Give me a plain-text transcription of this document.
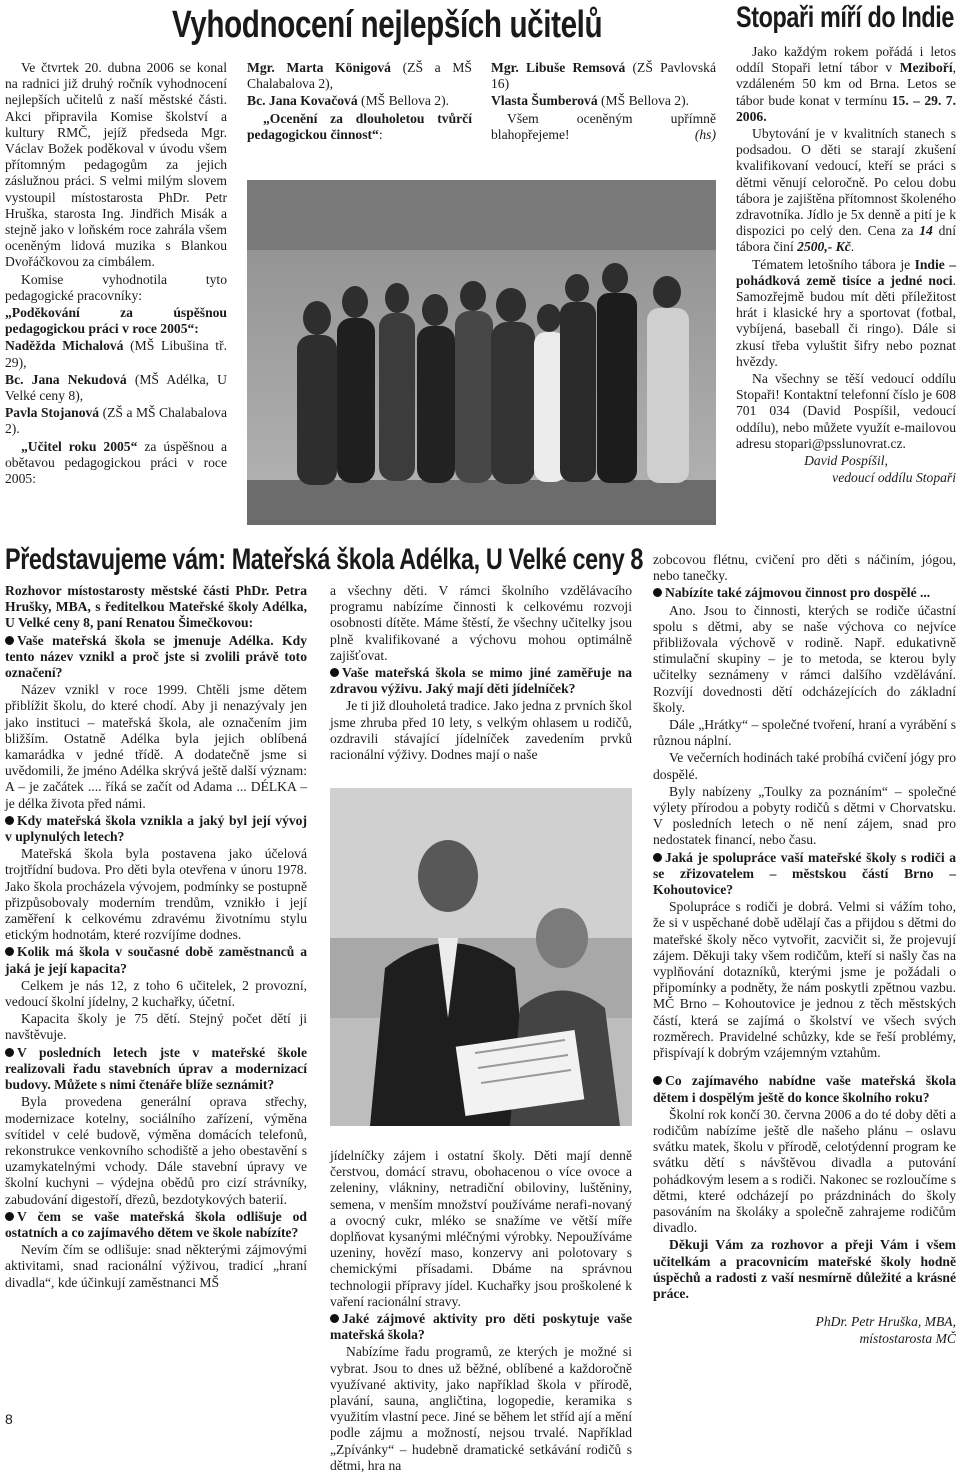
Vyhodnocení nejlepších učitelů

Ve čtvrtek 20. dubna 2006 se konal na radnici již druhý ročník vyhodnocení nejlepších učitelů z naší městské části. Akci připravila Komise školství a kultury RMČ, jejíž předseda Mgr. Václav Božek poděkoval v úvodu všem přítomným pedagogům za jejich záslužnou práci. S velmi milým slovem vystoupil místostarosta PhDr. Petr Hruška, starosta Ing. Jindřich Misák a stejně jako v loňském roce zahrála všem oceněným lidová muzika s Blankou Dvořáčkovou za cimbálem.

Komise vyhodnotila tyto pedagogické pracovníky:

„Poděkování za úspěšnou pedagogickou práci v roce 2005“:

Naděžda Michalová (MŠ Libušina tř. 29),

Bc. Jana Nekudová (MŠ Adélka, U Velké ceny 8),

Pavla Stojanová (ZŠ a MŠ Chalabalova 2).

„Učitel roku 2005“ za úspěšnou a obětavou pedagogickou práci v roce 2005:

Mgr. Marta Königová (ZŠ a MŠ Chalabalova 2),

Bc. Jana Kovačová (MŠ Bellova 2).

„Ocenění za dlouholetou tvůrčí pedagogickou činnost“:

Mgr. Libuše Remsová (ZŠ Pavlovská 16)

Vlasta Šumberová (MŠ Bellova 2).

Všem oceněným upřímně blahopřejeme!	(hs)

Stopaři míří do Indie

Jako každým rokem pořádá i letos oddíl Stopaři letní tábor v Meziboří, vzdáleném 50 km od Brna. Letos se tábor bude konat v termínu 15. – 29. 7. 2006.

Ubytování je v kvalitních stanech s podsadou. O děti se starají zkušení kvalifikovaní vedoucí, kteří se práci s dětmi věnují celoročně. Po celou dobu tábora je zajištěna přítomnost školeného zdravotníka. Jídlo je 5x denně a pití je k dispozici po celý den. Cena za 14 dní tábora činí 2500,- Kč.

Tématem letošního tábora je Indie – pohádková země tisíce a jedné noci. Samozřejmě budou mít děti příležitost hrát i klasické hry a sportovat (fotbal, vybíjená, baseball či ringo). Dále si zkusí třeba vyluštit šifry nebo poznat hvězdy.

Na všechny se těší vedoucí oddílu Stopaři! Kontaktní telefonní číslo je 608 701 034 (David Pospíšil, vedoucí oddílu), nebo můžete využít e-mailovou adresu stopari@psslunovrat.cz.

David Pospíšil,

vedoucí oddílu Stopaři

Představujeme vám: Mateřská škola Adélka, U Velké ceny 8

Rozhovor místostarosty městské části PhDr. Petra Hrušky, MBA, s ředitelkou Mateřské školy Adélka, U Velké ceny 8, paní Renatou Šimečkovou:

Vaše mateřská škola se jmenuje Adélka. Kdy tento název vznikl a proč jste si zvolili právě toto označení?

Název vznikl v roce 1999. Chtěli jsme dětem přiblížit školu, do které chodí. Aby ji nenazývaly jen jako instituci – mateřská škola, ale označením jim bližším. Ostatně Adélka byla jejich oblíbená kamarádka v jedné třídě. A dodatečně jsme si uvědomili, že jméno Adélka skrývá ještě další význam: A – je začátek .... říká se začít od Adama ... DÉLKA – je délka života před námi.

Kdy mateřská škola vznikla a jaký byl její vývoj v uplynulých letech?

Mateřská škola byla postavena jako účelová trojtřídní budova. Pro děti byla otevřena v únoru 1978. Jako škola procházela vývojem, podmínky se postupně přizpůsobovaly moderním trendům, vznikło i její zaměření k celkovému zdravému životnímu stylu etickým hodnotám, které rozvíjíme dodnes.

Kolik má škola v současné době zaměstnanců a jaká je její kapacita?

Celkem je nás 12, z toho 6 učitelek, 2 provozní, vedoucí školní jídelny, 2 kuchařky, účetní.

Kapacita školy je 75 dětí. Stejný počet dětí ji navštěvuje.

V posledních letech jste v mateřské škole realizovali řadu stavebních úprav a modernizací budovy. Můžete s nimi čtenáře blíže seznámit?

Byla provedena generální oprava střechy, modernizace kotelny, sociálního zařízení, výměna svítidel v celé budově, výměna domácích telefonů, rekonstrukce venkovního schodiště a jeho obestavění s uzamykatelnými vchody. Dále stavební úpravy ve školní kuchyni – výdejna obědů pro cizí strávníky, zabudování digestoří, dřezů, bezdotykových baterií.

V čem se vaše mateřská škola odlišuje od ostatních a co zajímavého dětem ve škole nabízíte?

Nevím čím se odlišuje: snad některými zájmovými aktivitami, snad racionální výživou, tradicí „hraní divadla“, kde účinkují zaměstnanci MŠ

a všechny děti. V rámci školního vzdělávacího programu nabízíme činnosti k celkovému rozvoji osobnosti dítěte. Máme štěstí, že všechny učitelky jsou plně kvalifikované a výchovu mohou optimálně zajišťovat.

Vaše mateřská škola se mimo jiné zaměřuje na zdravou výživu. Jaký mají děti jídelníček?

Je ti již dlouholetá tradice. Jako jedna z prvních škol jsme zhruba před 10 lety, s velkým ohlasem u rodičů, ozdravili stávající jídelníček zavedením prvků racionální výživy. Dodnes mají o naše

jídelníčky zájem i ostatní školy. Děti mají denně čerstvou, domácí stravu, obohacenou o více ovoce a zeleniny, vlákniny, netradiční obiloviny, luštěniny, semena, v menším množství používáme nerafi-novaný a ovocný cukr, mléko se snažíme ve větší míře doplňovat kysanými mléčnými výrobky. Nepoužíváme uzeniny, hovězí maso, konzervy ani polotovary s chemickými přísadami. Dbáme na správnou technologii přípravy jídel. Kuchařky jsou proškolené k vaření racionální stravy.

Jaké zájmové aktivity pro děti poskytuje vaše mateřská škola?

Nabízíme řadu programů, ze kterých je možné si vybrat. Jsou to dnes už běžné, oblíbené a každoročně využívané aktivity, jako například škola v přírodě, plavání, sauna, angličtina, logopedie, keramika s využitím vlastní pece. Jiné se během let stříd ají a mění podle zájmu a možností, nejsou trvalé. Například „Zpívánky“ – hudebně dramatické setkávání rodičů s dětmi, hra na

zobcovou flétnu, cvičení pro děti s náčiním, jógou, nebo tanečky.

Nabízíte také zájmovou činnost pro dospělé ...

Ano. Jsou to činnosti, kterých se rodiče účastní spolu s dětmi, aby se naše výchova co nejvíce přibližovala výchově v rodině. Např. edukativně stimulační skupiny – je to metoda, se kterou byly učitelky seznámeny v rámci dalšího vzdělávání. Rozvíjí dovednosti dětí odcházejících do základní školy.

Dále „Hrátky“ – společné tvoření, hraní a vyrábění s různou náplní.

Ve večerních hodinách také probíhá cvičení jógy pro dospělé.

Byly nabízeny „Toulky za poznáním“ – společné výlety přírodou a pobyty rodičů s dětmi v Chorvatsku. V posledních letech o ně není zájem, snad pro nedostatek financí, nebo času.

Jaká je spolupráce vaší mateřské školy s rodiči a se zřizovatelem – městskou částí Brno – Kohoutovice?

Spolupráce s rodiči je dobrá. Velmi si vážím toho, že si v uspěchané době udělají čas a přijdou s dětmi do mateřské školy něco vytvořit, zacvičit si, že projevují zájem. Děkuji taky všem rodičům, kteří si našly čas na vyplňování dotazníků, kterými jsme je požádali o připomínky a podněty, že nám poskytli zpětnou vazbu. MČ Brno – Kohoutovice je jednou z těch městských částí, která se zajímá o školství ve všech svých rozměrech. Pravidelné schůzky, kde se řeší problémy, přispívají k dobrým vzájemným vztahům.

Co zajímavého nabídne vaše mateřská škola dětem i dospělým ještě do konce školního roku?

Školní rok končí 30. června 2006 a do té doby děti a rodičům nabízíme ještě dle našeho plánu – oslavu svátku matek, školu v přírodě, celotýdenní program ke svátku dětí s návštěvou divadla a putování pohádkovým lesem a s rodiči. Nakonec se rozloučíme s dětmi, které odcházejí po prázdninách do školy pasováním na školáky a společně zahrajeme rodičům divadlo.

Děkuji Vám za rozhovor a přeji Vám i všem učitelkám a pracovnicím mateřské školy hodně úspěchů a radosti z vaší nesmírně důležité a krásné práce.

PhDr. Petr Hruška, MBA,

místostarosta MČ

8
